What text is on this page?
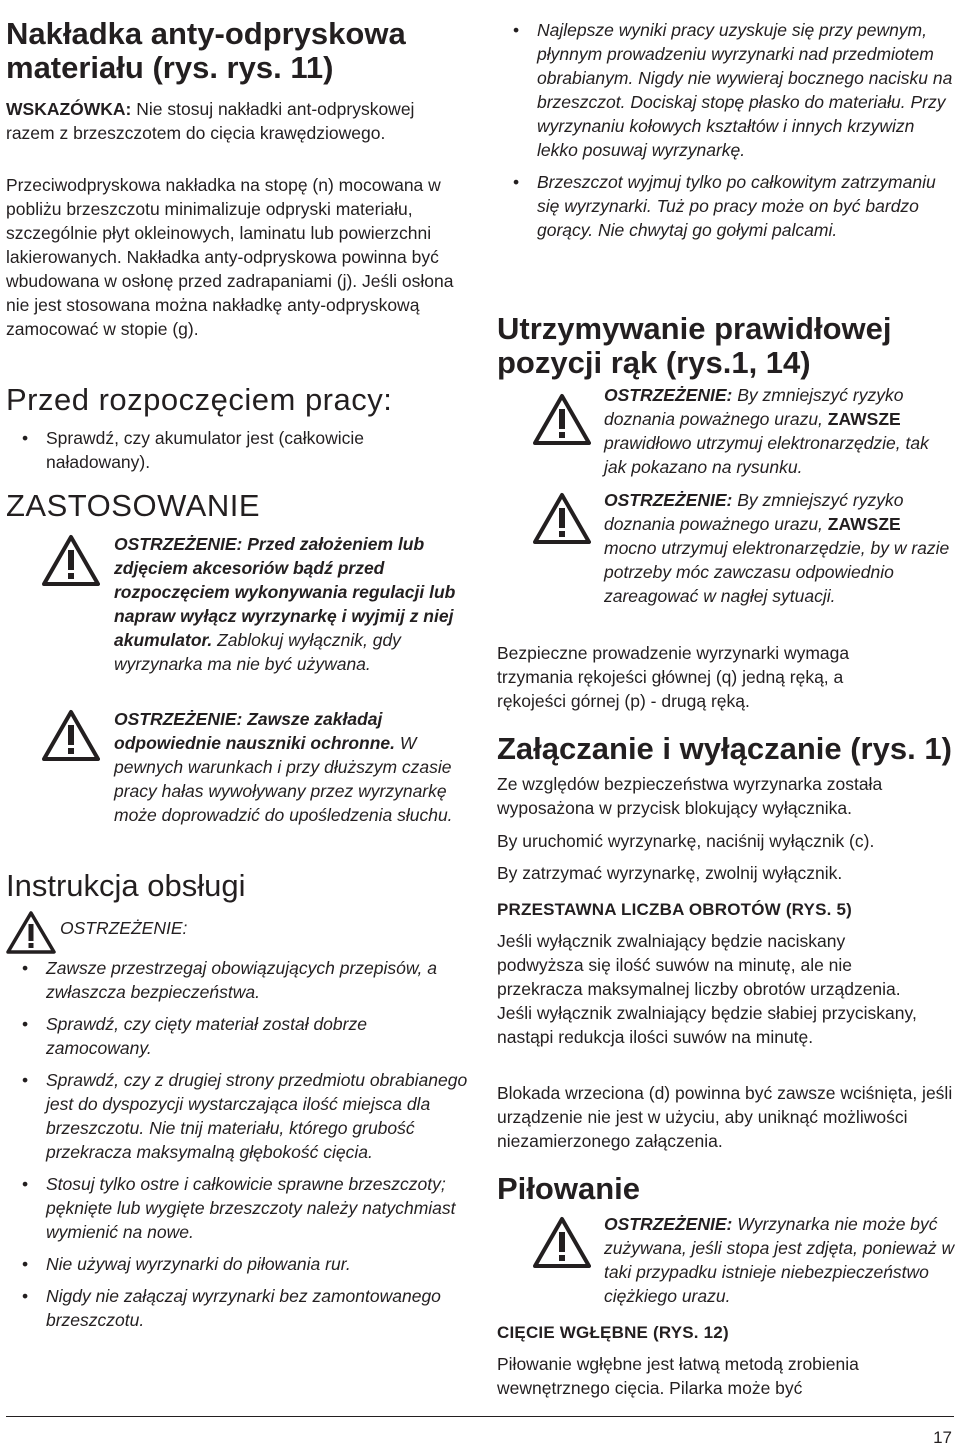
Nakładka anty-odpryskowa materiału (rys. rys. 11)

WSKAZÓWKA: Nie stosuj nakładki ant-odpryskowej razem z brzeszczotem do cięcia krawędziowego.

Przeciwodpryskowa nakładka na stopę (n) mocowana w pobliżu brzeszczotu minimalizuje odpryski materiału, szczególnie płyt okleinowych, laminatu lub powierzchni lakierowanych. Nakładka anty-odpryskowa powinna być wbudowana w osłonę przed zadrapaniami (j). Jeśli osłona nie jest stosowana można nakładkę anty-odpryskową zamocować w stopie (g).

Przed rozpoczęciem pracy:
• Sprawdź, czy akumulator jest (całkowicie naładowany).
ZASTOSOWANIE
OSTRZEŻENIE: Przed założeniem lub zdjęciem akcesoriów bądź przed rozpoczęciem wykonywania regulacji lub napraw wyłącz wyrzynarkę i wyjmij z niej akumulator. Zablokuj wyłącznik, gdy wyrzynarka ma nie być używana.
OSTRZEŻENIE: Zawsze zakładaj odpowiednie nauszniki ochronne. W pewnych warunkach i przy dłuższym czasie pracy hałas wywoływany przez wyrzynarkę może doprowadzić do upośledzenia słuchu.
Instrukcja obsługi
OSTRZEŻENIE:
• Zawsze przestrzegaj obowiązujących przepisów, a zwłaszcza bezpieczeństwa.
• Sprawdź, czy cięty materiał został dobrze zamocowany.
• Sprawdź, czy z drugiej strony przedmiotu obrabianego jest do dyspozycji wystarczająca ilość miejsca dla brzeszczotu. Nie tnij materiału, którego grubość przekracza maksymalną głębokość cięcia.
• Stosuj tylko ostre i całkowicie sprawne brzeszczoty; pęknięte lub wygięte brzeszczoty należy natychmiast wymienić na nowe.
• Nie używaj wyrzynarki do piłowania rur.
• Nigdy nie załączaj wyrzynarki bez zamontowanego brzeszczotu.
• Najlepsze wyniki pracy uzyskuje się przy pewnym, płynnym prowadzeniu wyrzynarki nad przedmiotem obrabianym. Nigdy nie wywieraj bocznego nacisku na brzeszczot. Dociskaj stopę płasko do materiału. Przy wyrzynaniu kołowych kształtów i innych krzywizn lekko posuwaj wyrzynarkę.
• Brzeszczot wyjmuj tylko po całkowitym zatrzymaniu się wyrzynarki. Tuż po pracy może on być bardzo gorący. Nie chwytaj go gołymi palcami.
Utrzymywanie prawidłowej pozycji rąk (rys.1, 14)
OSTRZEŻENIE: By zmniejszyć ryzyko doznania poważnego urazu, ZAWSZE prawidłowo utrzymuj elektronarzędzie, tak jak pokazano na rysunku.
OSTRZEŻENIE: By zmniejszyć ryzyko doznania poważnego urazu, ZAWSZE mocno utrzymuj elektronarzędzie, by w razie potrzeby móc zawczasu odpowiednio zareagować w nagłej sytuacji.

Bezpieczne prowadzenie wyrzynarki wymaga trzymania rękojeści głównej (q) jedną ręką, a rękojeści górnej (p) - drugą ręką.

Załączanie i wyłączanie (rys. 1)

Ze względów bezpieczeństwa wyrzynarka została wyposażona w przycisk blokujący wyłącznika.

By uruchomić wyrzynarkę, naciśnij wyłącznik (c).

By zatrzymać wyrzynarkę, zwolnij wyłącznik.

PRZESTAWNA LICZBA OBROTÓW (RYS. 5)

Jeśli wyłącznik zwalniający będzie naciskany podwyższa się ilość suwów na minutę, ale nie przekracza maksymalnej liczby obrotów urządzenia. Jeśli wyłącznik zwalniający będzie słabiej przyciskany, nastąpi redukcja ilości suwów na minutę.

Blokada wrzeciona (d) powinna być zawsze wciśnięta, jeśli urządzenie nie jest w użyciu, aby uniknąć możliwości niezamierzonego załączenia.

Piłowanie
OSTRZEŻENIE: Wyrzynarka nie może być zużywana, jeśli stopa jest zdjęta, ponieważ w taki przypadku istnieje niebezpieczeństwo ciężkiego urazu.

CIĘCIE WGŁĘBNE (RYS. 12)

Piłowanie wgłębne jest łatwą metodą zrobienia wewnętrznego cięcia. Pilarka może być

17
